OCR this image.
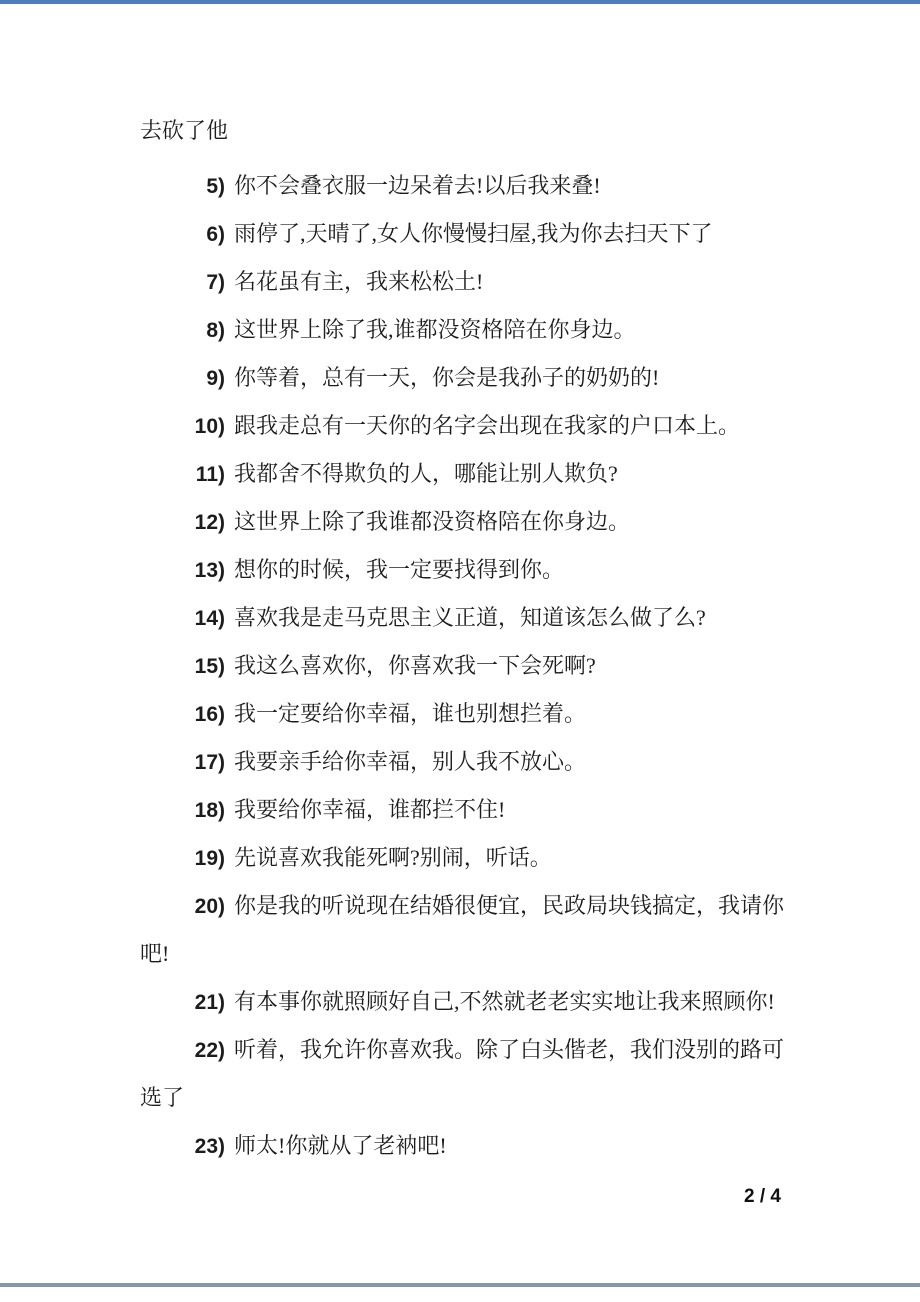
去砍了他
5) 你不会叠衣服一边呆着去!以后我来叠!
6) 雨停了,天晴了,女人你慢慢扫屋,我为你去扫天下了
7) 名花虽有主，我来松松土!
8) 这世界上除了我,谁都没资格陪在你身边。
9) 你等着，总有一天，你会是我孙子的奶奶的!
10) 跟我走总有一天你的名字会出现在我家的户口本上。
11) 我都舍不得欺负的人，哪能让别人欺负?
12) 这世界上除了我谁都没资格陪在你身边。
13) 想你的时候，我一定要找得到你。
14) 喜欢我是走马克思主义正道，知道该怎么做了么?
15) 我这么喜欢你，你喜欢我一下会死啊?
16) 我一定要给你幸福，谁也别想拦着。
17) 我要亲手给你幸福，别人我不放心。
18) 我要给你幸福，谁都拦不住!
19) 先说喜欢我能死啊?别闹，听话。
20) 你是我的听说现在结婚很便宜，民政局块钱搞定，我请你
吧!
21) 有本事你就照顾好自己,不然就老老实实地让我来照顾你!
22) 听着，我允许你喜欢我。除了白头偕老，我们没别的路可
选了
23) 师太!你就从了老衲吧!
2 / 4
